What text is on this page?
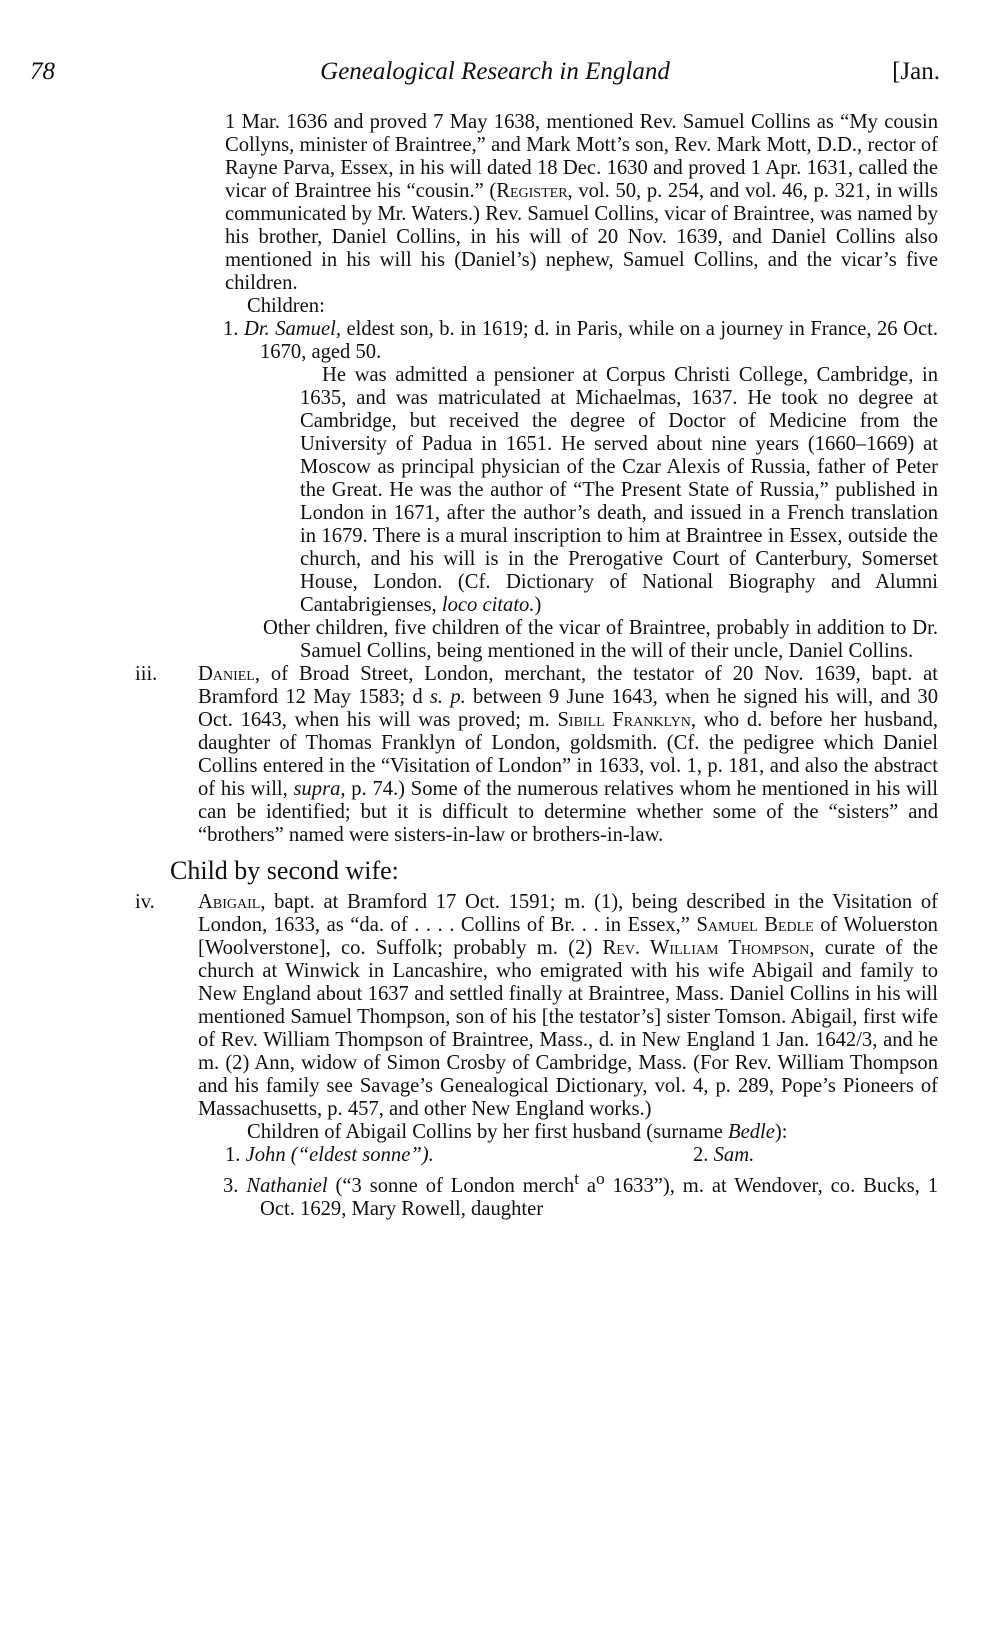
78	Genealogical Research in England	[Jan.

1 Mar. 1636 and proved 7 May 1638, mentioned Rev. Samuel Collins as “My cousin Collyns, minister of Braintree,” and Mark Mott’s son, Rev. Mark Mott, D.D., rector of Rayne Parva, Essex, in his will dated 18 Dec. 1630 and proved 1 Apr. 1631, called the vicar of Braintree his “cousin.” (Register, vol. 50, p. 254, and vol. 46, p. 321, in wills communicated by Mr. Waters.) Rev. Samuel Collins, vicar of Braintree, was named by his brother, Daniel Collins, in his will of 20 Nov. 1639, and Daniel Collins also mentioned in his will his (Daniel’s) nephew, Samuel Collins, and the vicar’s five children.

Children:

1. Dr. Samuel, eldest son, b. in 1619; d. in Paris, while on a journey in France, 26 Oct. 1670, aged 50.

He was admitted a pensioner at Corpus Christi College, Cambridge, in 1635, and was matriculated at Michaelmas, 1637. He took no degree at Cambridge, but received the degree of Doctor of Medicine from the University of Padua in 1651. He served about nine years (1660–1669) at Moscow as principal physician of the Czar Alexis of Russia, father of Peter the Great. He was the author of “The Present State of Russia,” published in London in 1671, after the author’s death, and issued in a French translation in 1679. There is a mural inscription to him at Braintree in Essex, outside the church, and his will is in the Prerogative Court of Canterbury, Somerset House, London. (Cf. Dictionary of National Biography and Alumni Cantabrigienses, loco citato.)

Other children, five children of the vicar of Braintree, probably in addition to Dr. Samuel Collins, being mentioned in the will of their uncle, Daniel Collins.

iii. Daniel, of Broad Street, London, merchant, the testator of 20 Nov. 1639, bapt. at Bramford 12 May 1583; d s. p. between 9 June 1643, when he signed his will, and 30 Oct. 1643, when his will was proved; m. Sibill Franklyn, who d. before her husband, daughter of Thomas Franklyn of London, goldsmith. (Cf. the pedigree which Daniel Collins entered in the “Visitation of London” in 1633, vol. 1, p. 181, and also the abstract of his will, supra, p. 74.) Some of the numerous relatives whom he mentioned in his will can be identified; but it is difficult to determine whether some of the “sisters” and “brothers” named were sisters-in-law or brothers-in-law.

Child by second wife:

iv. Abigail, bapt. at Bramford 17 Oct. 1591; m. (1), being described in the Visitation of London, 1633, as “da. of . . . . Collins of Br. . . in Essex,” Samuel Bedle of Woluerston [Woolverstone], co. Suffolk; probably m. (2) Rev. William Thompson, curate of the church at Winwick in Lancashire, who emigrated with his wife Abigail and family to New England about 1637 and settled finally at Braintree, Mass. Daniel Collins in his will mentioned Samuel Thompson, son of his [the testator’s] sister Tomson. Abigail, first wife of Rev. William Thompson of Braintree, Mass., d. in New England 1 Jan. 1642/3, and he m. (2) Ann, widow of Simon Crosby of Cambridge, Mass. (For Rev. William Thompson and his family see Savage’s Genealogical Dictionary, vol. 4, p. 289, Pope’s Pioneers of Massachusetts, p. 457, and other New England works.)

Children of Abigail Collins by her first husband (surname Bedle):

1. John (“eldest sonne”).	2. Sam.

3. Nathaniel (“3 sonne of London merch$^t$ $a^o$ 1633”), m. at Wendover, co. Bucks, 1 Oct. 1629, Mary Rowell, daughter
